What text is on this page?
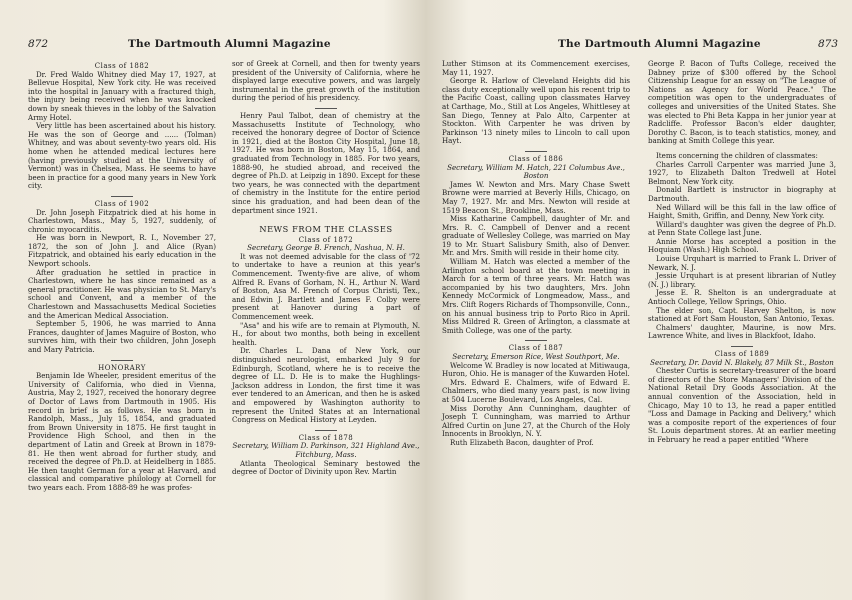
872	The Dartmouth Alumni Magazine
Class of 1882

Dr. Fred Waldo Whitney died May 17, 1927, at Bellevue Hospital, New York city. He was received into the hospital in January with a fractured thigh, the injury being received when he was knocked down by sneak thieves in the lobby of the Salvation Army Hotel.

Very little has been ascertained about his history. He was the son of George and ...... (Tolman) Whitney, and was about seventy-two years old. His home when he attended medical lectures here (having previously studied at the University of Vermont) was in Chelsea, Mass. He seems to have been in practice for a good many years in New York city.

Class of 1902

Dr. John Joseph Fitzpatrick died at his home in Charlestown, Mass., May 5, 1927, suddenly, of chronic myocarditis.

He was born in Newport, R. I., November 27, 1872, the son of John J. and Alice (Ryan) Fitzpatrick, and obtained his early education in the Newport schools.

After graduation he settled in practice in Charlestown, where he has since remained as a general practitioner. He was physician to St. Mary's school and Convent, and a member of the Charlestown and Massachusetts Medical Societies and the American Medical Association.

September 5, 1906, he was married to Anna Frances, daughter of James Maguire of Boston, who survives him, with their two children, John Joseph and Mary Patricia.

HONORARY

Benjamin Ide Wheeler, president emeritus of the University of California, who died in Vienna, Austria, May 2, 1927, received the honorary degree of Doctor of Laws from Dartmouth in 1905. His record in brief is as follows. He was born in Randolph, Mass., July 15, 1854, and graduated from Brown University in 1875. He first taught in Providence High School, and then in the department of Latin and Greek at Brown in 1879-81. He then went abroad for further study, and received the degree of Ph.D. at Heidelberg in 1885. He then taught German for a year at Harvard, and classical and comparative philology at Cornell for two years each. From 1888-89 he was profes-

sor of Greek at Cornell, and then for twenty years president of the University of California, where he displayed large executive powers, and was largely instrumental in the great growth of the institution during the period of his presidency.

Henry Paul Talbot, dean of chemistry at the Massachusetts Institute of Technology, who received the honorary degree of Doctor of Science in 1921, died at the Boston City Hospital, June 18, 1927. He was born in Boston, May 15, 1864, and graduated from Technology in 1885. For two years, 1888-90, he studied abroad, and received the degree of Ph.D. at Leipzig in 1890. Except for these two years, he was connected with the department of chemistry in the Institute for the entire period since his graduation, and had been dean of the department since 1921.

NEWS FROM THE CLASSES
Class of 1872
Secretary, George B. French, Nashua, N. H.

It was not deemed advisable for the class of '72 to undertake to have a reunion at this year's Commencement. Twenty-five are alive, of whom Alfred R. Evans of Gorham, N. H., Arthur N. Ward of Boston, Asa M. French of Corpus Christi, Tex., and Edwin J. Bartlett and James F. Colby were present at Hanover during a part of Commencement week.

"Asa" and his wife are to remain at Plymouth, N. H., for about two months, both being in excellent health.

Dr. Charles L. Dana of New York, our distinguished neurologist, embarked July 9 for Edinburgh, Scotland, where he is to receive the degree of LL. D. He is to make the Hughlings-Jackson address in London, the first time it was ever tendered to an American, and then he is asked and empowered by Washington authority to represent the United States at an International Congress on Medical History at Leyden.

Class of 1878
Secretary, William D. Parkinson, 321 Highland Ave., Fitchburg, Mass.

Atlanta Theological Seminary bestowed the degree of Doctor of Divinity upon Rev. Martin

The Dartmouth Alumni Magazine	873

Luther Stimson at its Commencement exercises, May 11, 1927.

George R. Harlow of Cleveland Heights did his class duty exceptionally well upon his recent trip to the Pacific Coast, calling upon classmates Harvey at Carthage, Mo., Still at Los Angeles, Whittlesey at San Diego, Tenney at Palo Alto, Carpenter at Stockton. With Carpenter he was driven by Parkinson '13 ninety miles to Lincoln to call upon Hayt.

Class of 1886
Secretary, William M. Hatch, 221 Columbus Ave., Boston

James W. Newton and Mrs. Mary Chase Swett Browne were married at Beverly Hills, Chicago, on May 7, 1927. Mr. and Mrs. Newton will reside at 1519 Beacon St., Brookline, Mass.

Miss Katharine Campbell, daughter of Mr. and Mrs. R. C. Campbell of Denver and a recent graduate of Wellesley College, was married on May 19 to Mr. Stuart Salisbury Smith, also of Denver. Mr. and Mrs. Smith will reside in their home city.

William M. Hatch was elected a member of the Arlington school board at the town meeting in March for a term of three years. Mr. Hatch was accompanied by his two daughters, Mrs. John Kennedy McCormick of Longmeadow, Mass., and Mrs. Clift Rogers Richards of Thompsonville, Conn., on his annual business trip to Porto Rico in April. Miss Mildred R. Green of Arlington, a classmate at Smith College, was one of the party.

Class of 1887
Secretary, Emerson Rice, West Southport, Me.

Welcome W. Bradley is now located at Mitiwauga, Huron, Ohio. He is manager of the Kuwarden Hotel.

Mrs. Edward E. Chalmers, wife of Edward E. Chalmers, who died many years past, is now living at 504 Lucerne Boulevard, Los Angeles, Cal.

Miss Dorothy Ann Cunningham, daughter of Joseph T. Cunningham, was married to Arthur Alfred Curtin on June 27, at the Church of the Holy Innocents in Brooklyn, N. Y.

Ruth Elizabeth Bacon, daughter of Prof.

George P. Bacon of Tufts College, received the Dabney prize of $300 offered by the School Citizenship League for an essay on "The League of Nations as Agency for World Peace." The competition was open to the undergraduates of colleges and universities of the United States. She was elected to Phi Beta Kappa in her junior year at Radcliffe. Professor Bacon's elder daughter, Dorothy C. Bacon, is to teach statistics, money, and banking at Smith College this year.

Items concerning the children of classmates:

Charles Carroll Carpenter was married June 3, 1927, to Elizabeth Dalton Tredwell at Hotel Belmont, New York city.

Donald Bartlett is instructor in biography at Dartmouth.

Ned Willard will be this fall in the law office of Haight, Smith, Griffin, and Denny, New York city.

Willard's daughter was given the degree of Ph.D. at Penn State College last June.

Annie Morse has accepted a position in the Hoquiam (Wash.) High School.

Louise Urquhart is married to Frank L. Driver of Newark, N. J.

Jessie Urquhart is at present librarian of Nutley (N. J.) library.

Jesse E. R. Shelton is an undergraduate at Antioch College, Yellow Springs, Ohio.

The elder son, Capt. Harvey Shelton, is now stationed at Fort Sam Houston, San Antonio, Texas.

Chalmers' daughter, Maurine, is now Mrs. Lawrence White, and lives in Blackfoot, Idaho.

Class of 1889
Secretary, Dr. David N. Blakely, 87 Milk St., Boston

Chester Curtis is secretary-treasurer of the board of directors of the Store Managers' Division of the National Retail Dry Goods Association. At the annual convention of the Association, held in Chicago, May 10 to 13, he read a paper entitled "Loss and Damage in Packing and Delivery," which was a composite report of the experiences of four St. Louis department stores. At an earlier meeting in February he read a paper entitled "Where
